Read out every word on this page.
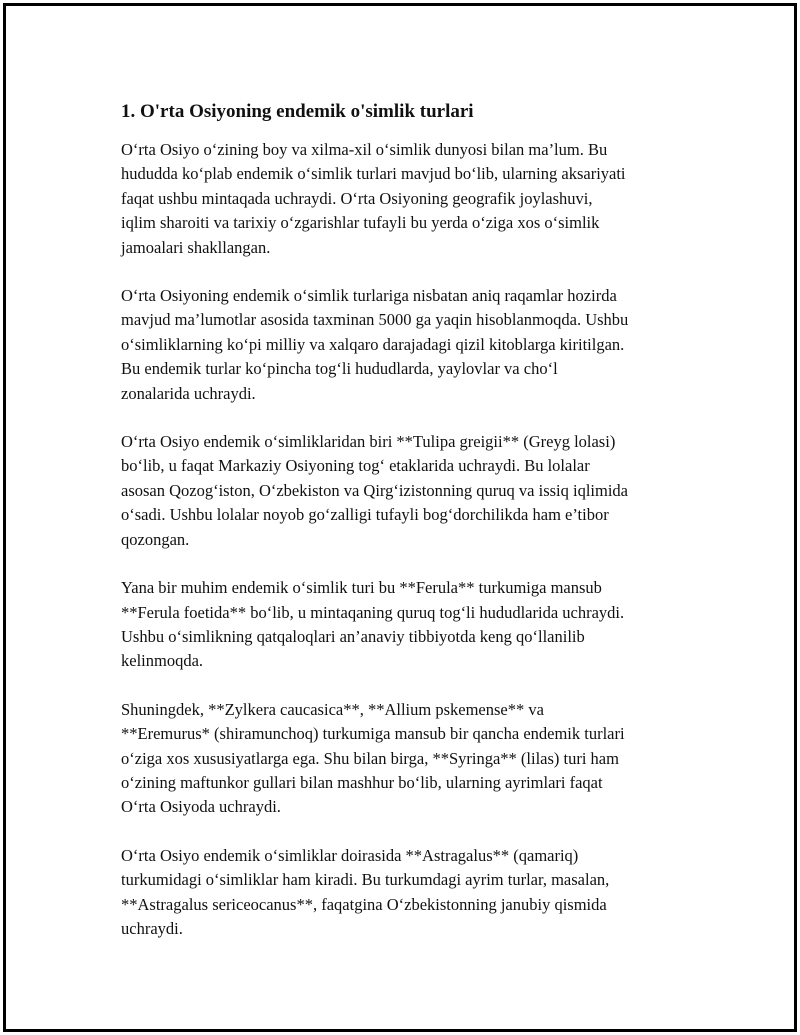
1. O'rta Osiyoning endemik o'simlik turlari

O‘rta Osiyo o‘zining boy va xilma-xil o‘simlik dunyosi bilan ma’lum. Bu
hududda ko‘plab endemik o‘simlik turlari mavjud bo‘lib, ularning aksariyati
faqat ushbu mintaqada uchraydi. O‘rta Osiyoning geografik joylashuvi,
iqlim sharoiti va tarixiy o‘zgarishlar tufayli bu yerda o‘ziga xos o‘simlik
jamoalari shakllangan.

O‘rta Osiyoning endemik o‘simlik turlariga nisbatan aniq raqamlar hozirda
mavjud ma’lumotlar asosida taxminan 5000 ga yaqin hisoblanmoqda. Ushbu
o‘simliklarning ko‘pi milliy va xalqaro darajadagi qizil kitoblarga kiritilgan.
Bu endemik turlar ko‘pincha tog‘li hududlarda, yaylovlar va cho‘l
zonalarida uchraydi.

O‘rta Osiyo endemik o‘simliklaridan biri **Tulipa greigii** (Greyg lolasi)
bo‘lib, u faqat Markaziy Osiyoning tog‘ etaklarida uchraydi. Bu lolalar
asosan Qozog‘iston, O‘zbekiston va Qirg‘izistonning quruq va issiq iqlimida
o‘sadi. Ushbu lolalar noyob go‘zalligi tufayli bog‘dorchilikda ham e’tibor
qozongan.

Yana bir muhim endemik o‘simlik turi bu **Ferula** turkumiga mansub
**Ferula foetida** bo‘lib, u mintaqaning quruq tog‘li hududlarida uchraydi.
Ushbu o‘simlikning qatqaloqlari an’anaviy tibbiyotda keng qo‘llanilib
kelinmoqda.

Shuningdek, **Zylkera caucasica**, **Allium pskemense** va
**Eremurus* (shiramunchoq) turkumiga mansub bir qancha endemik turlari
o‘ziga xos xususiyatlarga ega. Shu bilan birga, **Syringa** (lilas) turi ham
o‘zining maftunkor gullari bilan mashhur bo‘lib, ularning ayrimlari faqat
O‘rta Osiyoda uchraydi.

O‘rta Osiyo endemik o‘simliklar doirasida **Astragalus** (qamariq)
turkumidagi o‘simliklar ham kiradi. Bu turkumdagi ayrim turlar, masalan,
**Astragalus sericeocanus**, faqatgina O‘zbekistonning janubiy qismida
uchraydi.
